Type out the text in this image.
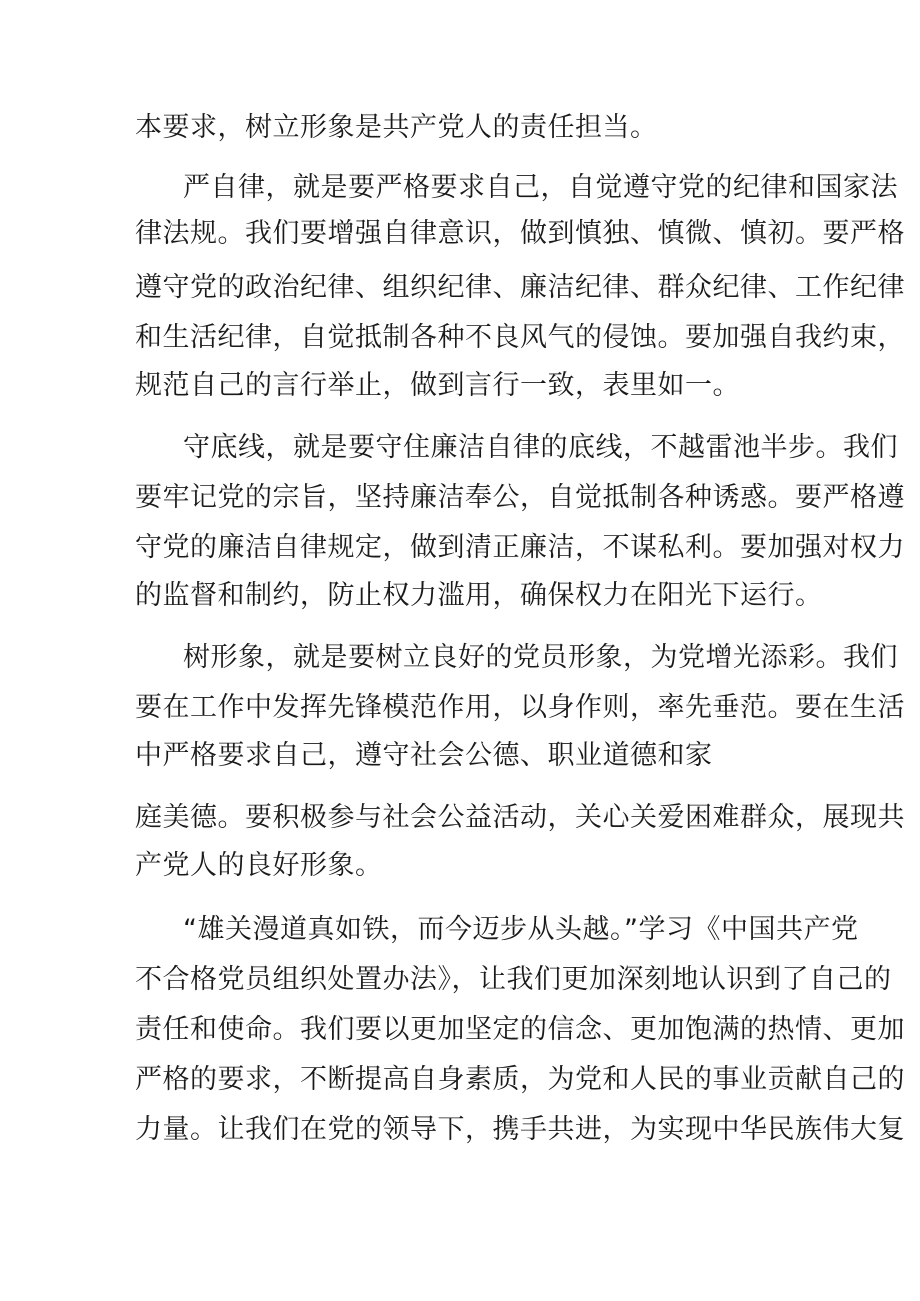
本要求，树立形象是共产党人的责任担当。
严自律，就是要严格要求自己，自觉遵守党的纪律和国家法
律法规。我们要增强自律意识，做到慎独、慎微、慎初。要严格
遵守党的政治纪律、组织纪律、廉洁纪律、群众纪律、工作纪律
和生活纪律，自觉抵制各种不良风气的侵蚀。要加强自我约束，
规范自己的言行举止，做到言行一致，表里如一。
守底线，就是要守住廉洁自律的底线，不越雷池半步。我们
要牢记党的宗旨，坚持廉洁奉公，自觉抵制各种诱惑。要严格遵
守党的廉洁自律规定，做到清正廉洁，不谋私利。要加强对权力
的监督和制约，防止权力滥用，确保权力在阳光下运行。
树形象，就是要树立良好的党员形象，为党增光添彩。我们
要在工作中发挥先锋模范作用，以身作则，率先垂范。要在生活
中严格要求自己，遵守社会公德、职业道德和家
庭美德。要积极参与社会公益活动，关心关爱困难群众，展现共
产党人的良好形象。
“雄关漫道真如铁，而今迈步从头越。”学习《中国共产党
不合格党员组织处置办法》，让我们更加深刻地认识到了自己的
责任和使命。我们要以更加坚定的信念、更加饱满的热情、更加
严格的要求，不断提高自身素质，为党和人民的事业贡献自己的
力量。让我们在党的领导下，携手共进，为实现中华民族伟大复
